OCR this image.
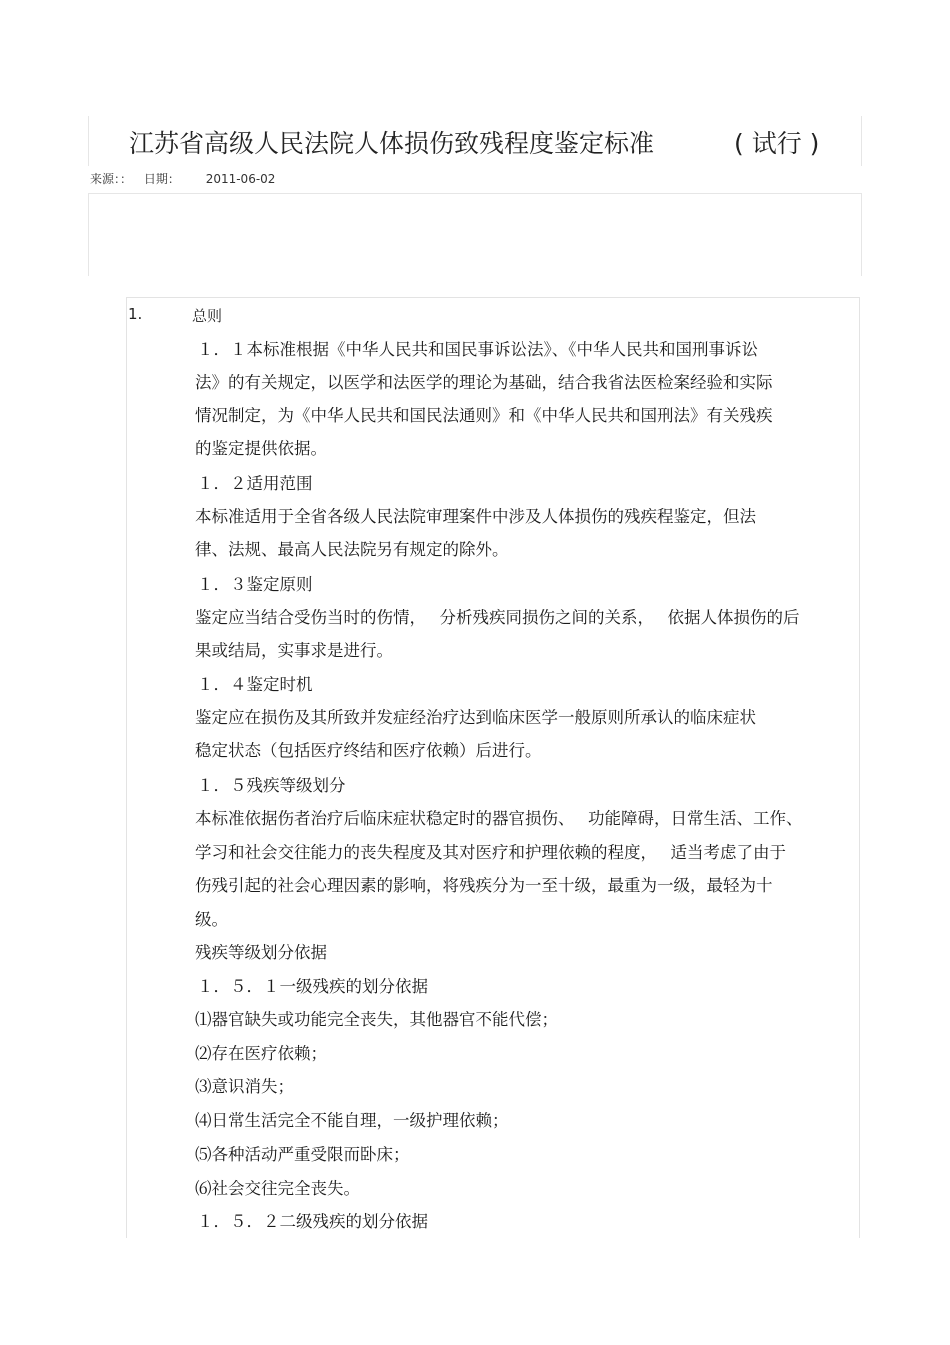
江苏省高级人民法院人体损伤致残程度鉴定标准	( 试行 )
来源：： 日期： 2011-06-02
1.	总则
１．１本标准根据《中华人民共和国民事诉讼法》、《中华人民共和国刑事诉讼
法》的有关规定，以医学和法医学的理论为基础，结合我省法医检案经验和实际
情况制定，为《中华人民共和国民法通则》和《中华人民共和国刑法》有关残疾
的鉴定提供依据。
１．２适用范围
本标准适用于全省各级人民法院审理案件中涉及人体损伤的残疾程鉴定，但法
律、法规、最高人民法院另有规定的除外。
１．３鉴定原则
鉴定应当结合受伤当时的伤情，　 分析残疾同损伤之间的关系，　 依据人体损伤的后
果或结局，实事求是进行。
１．４鉴定时机
鉴定应在损伤及其所致并发症经治疗达到临床医学一般原则所承认的临床症状
稳定状态（包括医疗终结和医疗依赖）后进行。
１．５残疾等级划分
本标准依据伤者治疗后临床症状稳定时的器官损伤、　 功能障碍，日常生活、工作、
学习和社会交往能力的丧失程度及其对医疗和护理依赖的程度，　 适当考虑了由于
伤残引起的社会心理因素的影响，将残疾分为一至十级，最重为一级，最轻为十
级。
残疾等级划分依据
１．５．１一级残疾的划分依据
⑴器官缺失或功能完全丧失，其他器官不能代偿；
⑵存在医疗依赖；
⑶意识消失；
⑷日常生活完全不能自理，一级护理依赖；
⑸各种活动严重受限而卧床；
⑹社会交往完全丧失。
１．５．２二级残疾的划分依据
